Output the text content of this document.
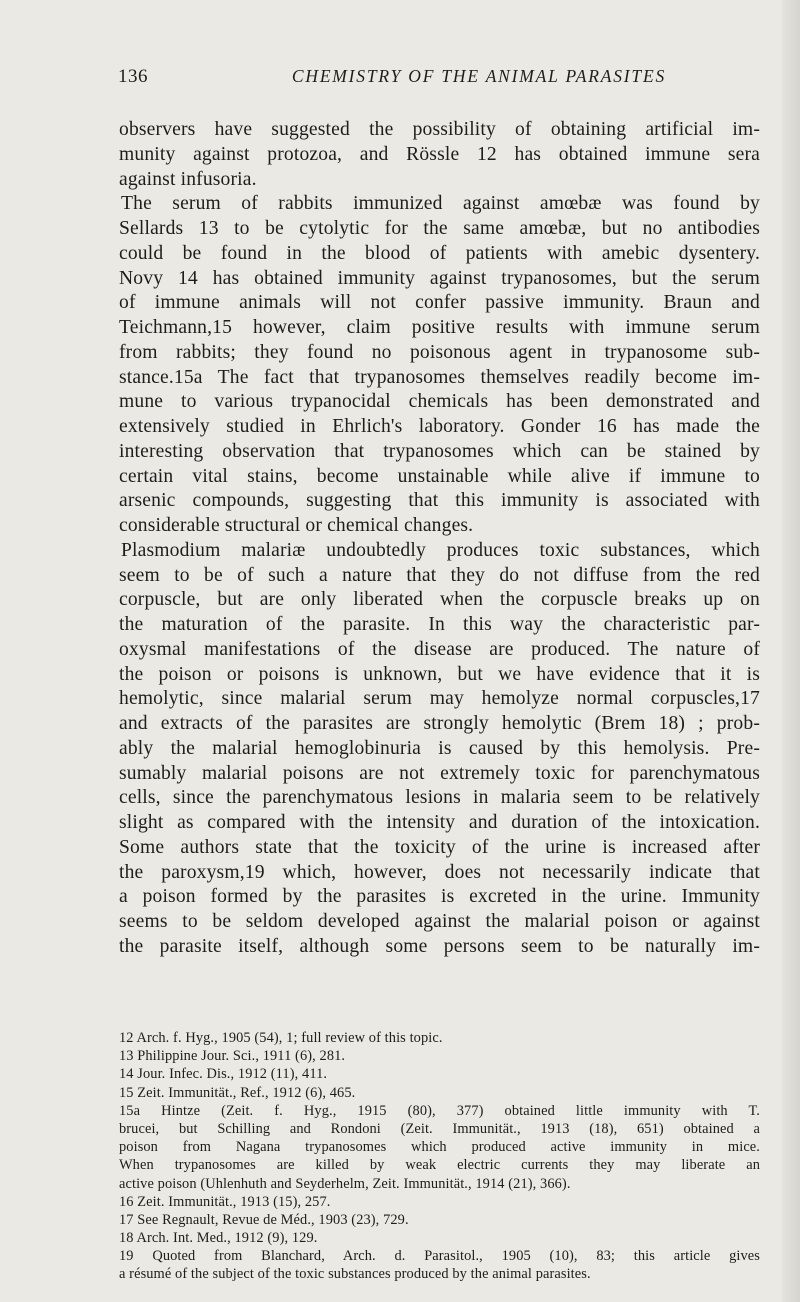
136	CHEMISTRY OF THE ANIMAL PARASITES
observers have suggested the possibility of obtaining artificial im-
munity against protozoa, and Rössle 12 has obtained immune sera
against infusoria.
The serum of rabbits immunized against amœbæ was found by
Sellards 13 to be cytolytic for the same amœbæ, but no antibodies
could be found in the blood of patients with amebic dysentery.
Novy 14 has obtained immunity against trypanosomes, but the serum
of immune animals will not confer passive immunity. Braun and
Teichmann,15 however, claim positive results with immune serum
from rabbits; they found no poisonous agent in trypanosome sub-
stance.15a The fact that trypanosomes themselves readily become im-
mune to various trypanocidal chemicals has been demonstrated and
extensively studied in Ehrlich's laboratory. Gonder 16 has made the
interesting observation that trypanosomes which can be stained by
certain vital stains, become unstainable while alive if immune to
arsenic compounds, suggesting that this immunity is associated with
considerable structural or chemical changes.
Plasmodium malariæ undoubtedly produces toxic substances, which
seem to be of such a nature that they do not diffuse from the red
corpuscle, but are only liberated when the corpuscle breaks up on
the maturation of the parasite. In this way the characteristic par-
oxysmal manifestations of the disease are produced. The nature of
the poison or poisons is unknown, but we have evidence that it is
hemolytic, since malarial serum may hemolyze normal corpuscles,17
and extracts of the parasites are strongly hemolytic (Brem 18) ; prob-
ably the malarial hemoglobinuria is caused by this hemolysis. Pre-
sumably malarial poisons are not extremely toxic for parenchymatous
cells, since the parenchymatous lesions in malaria seem to be relatively
slight as compared with the intensity and duration of the intoxication.
Some authors state that the toxicity of the urine is increased after
the paroxysm,19 which, however, does not necessarily indicate that
a poison formed by the parasites is excreted in the urine. Immunity
seems to be seldom developed against the malarial poison or against
the parasite itself, although some persons seem to be naturally im-
12 Arch. f. Hyg., 1905 (54), 1; full review of this topic.
13 Philippine Jour. Sci., 1911 (6), 281.
14 Jour. Infec. Dis., 1912 (11), 411.
15 Zeit. Immunität., Ref., 1912 (6), 465.
15a Hintze (Zeit. f. Hyg., 1915 (80), 377) obtained little immunity with T.
brucei, but Schilling and Rondoni (Zeit. Immunität., 1913 (18), 651) obtained a
poison from Nagana trypanosomes which produced active immunity in mice.
When trypanosomes are killed by weak electric currents they may liberate an
active poison (Uhlenhuth and Seyderhelm, Zeit. Immunität., 1914 (21), 366).
16 Zeit. Immunität., 1913 (15), 257.
17 See Regnault, Revue de Méd., 1903 (23), 729.
18 Arch. Int. Med., 1912 (9), 129.
19 Quoted from Blanchard, Arch. d. Parasitol., 1905 (10), 83; this article gives
a résumé of the subject of the toxic substances produced by the animal parasites.
